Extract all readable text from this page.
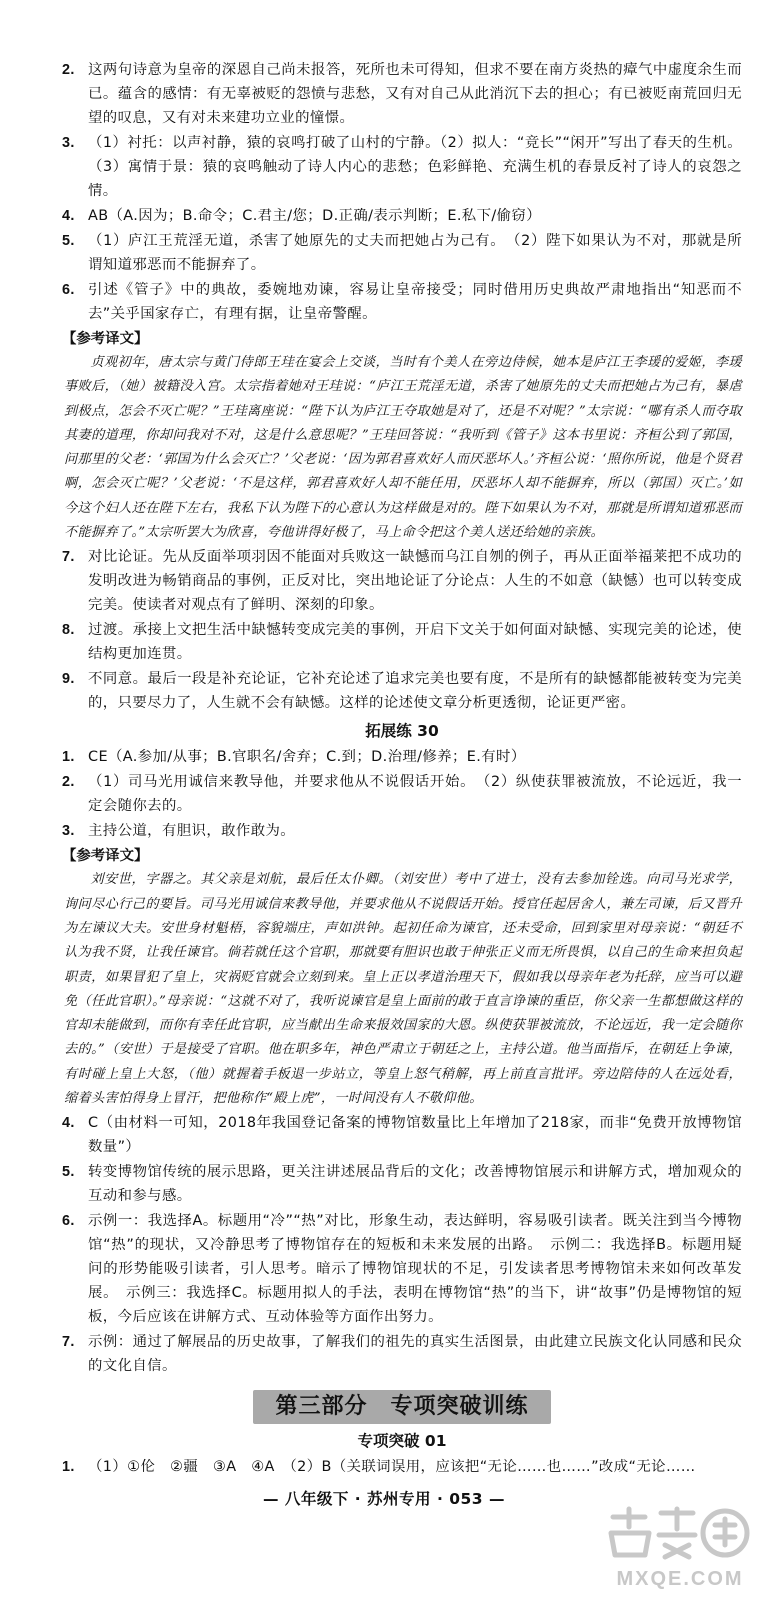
2. 这两句诗意为皇帝的深恩自己尚未报答，死所也未可得知，但求不要在南方炎热的瘴气中虚度余生而已。蕴含的感情：有无辜被贬的怨愤与悲愁，又有对自己从此消沉下去的担心；有已被贬南荒回归无望的叹息，又有对未来建功立业的憧憬。
3. （1）衬托：以声衬静，猿的哀鸣打破了山村的宁静。（2）拟人：“竞长”“闲开”写出了春天的生机。（3）寓情于景：猿的哀鸣触动了诗人内心的悲愁；色彩鲜艳、充满生机的春景反衬了诗人的哀怨之情。
4. AB（A.因为；B.命令；C.君主/您；D.正确/表示判断；E.私下/偷窃）
5. （1）庐江王荒淫无道，杀害了她原先的丈夫而把她占为己有。　（2）陛下如果认为不对，那就是所谓知道邪恶而不能摒弃了。
6. 引述《管子》中的典故，委婉地劝谏，容易让皇帝接受；同时借用历史典故严肃地指出“知恶而不去”关乎国家存亡，有理有据，让皇帝警醒。
【参考译文】
贞观初年，唐太宗与黄门侍郎王珪在宴会上交谈，当时有个美人在旁边侍候，她本是庐江王李瑗的爱姬，李瑗事败后，（她）被籍没入宫。太宗指着她对王珪说：“庐江王荒淫无道，杀害了她原先的丈夫而把她占为己有，暴虐到极点，怎会不灭亡呢？”王珪离座说：“陛下认为庐江王夺取她是对了，还是不对呢？”太宗说：“哪有杀人而夺取其妻的道理，你却问我对不对，这是什么意思呢？”王珪回答说：“我听到《管子》这本书里说：齐桓公到了郭国，问那里的父老：‘郭国为什么会灭亡？’父老说：‘因为郭君喜欢好人而厌恶坏人。’齐桓公说：‘照你所说，他是个贤君啊，怎会灭亡呢？’父老说：‘不是这样，郭君喜欢好人却不能任用，厌恶坏人却不能摒弃，所以（郭国）灭亡。’如今这个妇人还在陛下左右，我私下认为陛下的心意认为这样做是对的。陛下如果认为不对，那就是所谓知道邪恶而不能摒弃了。”太宗听罢大为欣喜，夸他讲得好极了，马上命令把这个美人送还给她的亲族。
7. 对比论证。先从反面举项羽因不能面对兵败这一缺憾而乌江自刎的例子，再从正面举福莱把不成功的发明改进为畅销商品的事例，正反对比，突出地论证了分论点：人生的不如意（缺憾）也可以转变成完美。使读者对观点有了鲜明、深刻的印象。
8. 过渡。承接上文把生活中缺憾转变成完美的事例，开启下文关于如何面对缺憾、实现完美的论述，使结构更加连贯。
9. 不同意。最后一段是补充论证，它补充论述了追求完美也要有度，不是所有的缺憾都能被转变为完美的，只要尽力了，人生就不会有缺憾。这样的论述使文章分析更透彻，论证更严密。
拓展练 30
1. CE（A.参加/从事；B.官职名/舍弃；C.到；D.治理/修养；E.有时）
2. （1）司马光用诚信来教导他，并要求他从不说假话开始。　（2）纵使获罪被流放，不论远近，我一定会随你去的。
3. 主持公道，有胆识，敢作敢为。
【参考译文】
刘安世，字器之。其父亲是刘航，最后任太仆卿。（刘安世）考中了进士，没有去参加铨选。向司马光求学，询问尽心行己的要旨。司马光用诚信来教导他，并要求他从不说假话开始。授官任起居舍人，兼左司谏，后又晋升为左谏议大夫。安世身材魁梧，容貌端庄，声如洪钟。起初任命为谏官，还未受命，回到家里对母亲说：“朝廷不认为我不贤，让我任谏官。倘若就任这个官职，那就要有胆识也敢于伸张正义而无所畏惧，以自己的生命来担负起职责，如果冒犯了皇上，灾祸贬官就会立刻到来。皇上正以孝道治理天下，假如我以母亲年老为托辞，应当可以避免（任此官职）。”母亲说：“这就不对了，我听说谏官是皇上面前的敢于直言诤谏的重臣，你父亲一生都想做这样的官却未能做到，而你有幸任此官职，应当献出生命来报效国家的大恩。纵使获罪被流放，不论远近，我一定会随你去的。”（安世）于是接受了官职。他在职多年，神色严肃立于朝廷之上，主持公道。他当面指斥，在朝廷上争谏，有时碰上皇上大怒，（他）就握着手板退一步站立，等皇上怒气稍解，再上前直言批评。旁边陪侍的人在远处看，缩着头害怕得身上冒汗，把他称作“殿上虎”，一时间没有人不敬仰他。
4. C（由材料一可知，2018年我国登记备案的博物馆数量比上年增加了218家，而非“免费开放博物馆数量”）
5. 转变博物馆传统的展示思路，更关注讲述展品背后的文化；改善博物馆展示和讲解方式，增加观众的互动和参与感。
6. 示例一：我选择A。标题用“冷”“热”对比，形象生动，表达鲜明，容易吸引读者。既关注到当今博物馆“热”的现状，又冷静思考了博物馆存在的短板和未来发展的出路。　示例二：我选择B。标题用疑问的形势能吸引读者，引人思考。暗示了博物馆现状的不足，引发读者思考博物馆未来如何改革发展。　示例三：我选择C。标题用拟人的手法，表明在博物馆“热”的当下，讲“故事”仍是博物馆的短板，今后应该在讲解方式、互动体验等方面作出努力。
7. 示例：通过了解展品的历史故事，了解我们的祖先的真实生活图景，由此建立民族文化认同感和民众的文化自信。
第三部分　专项突破训练
专项突破 01
1. （1）①伦　②疆　③A　④A　（2）B（关联词误用，应该把“无论……也……”改成“无论……
— 八年级下 · 苏州专用 · 053 —
MXQE.COM
